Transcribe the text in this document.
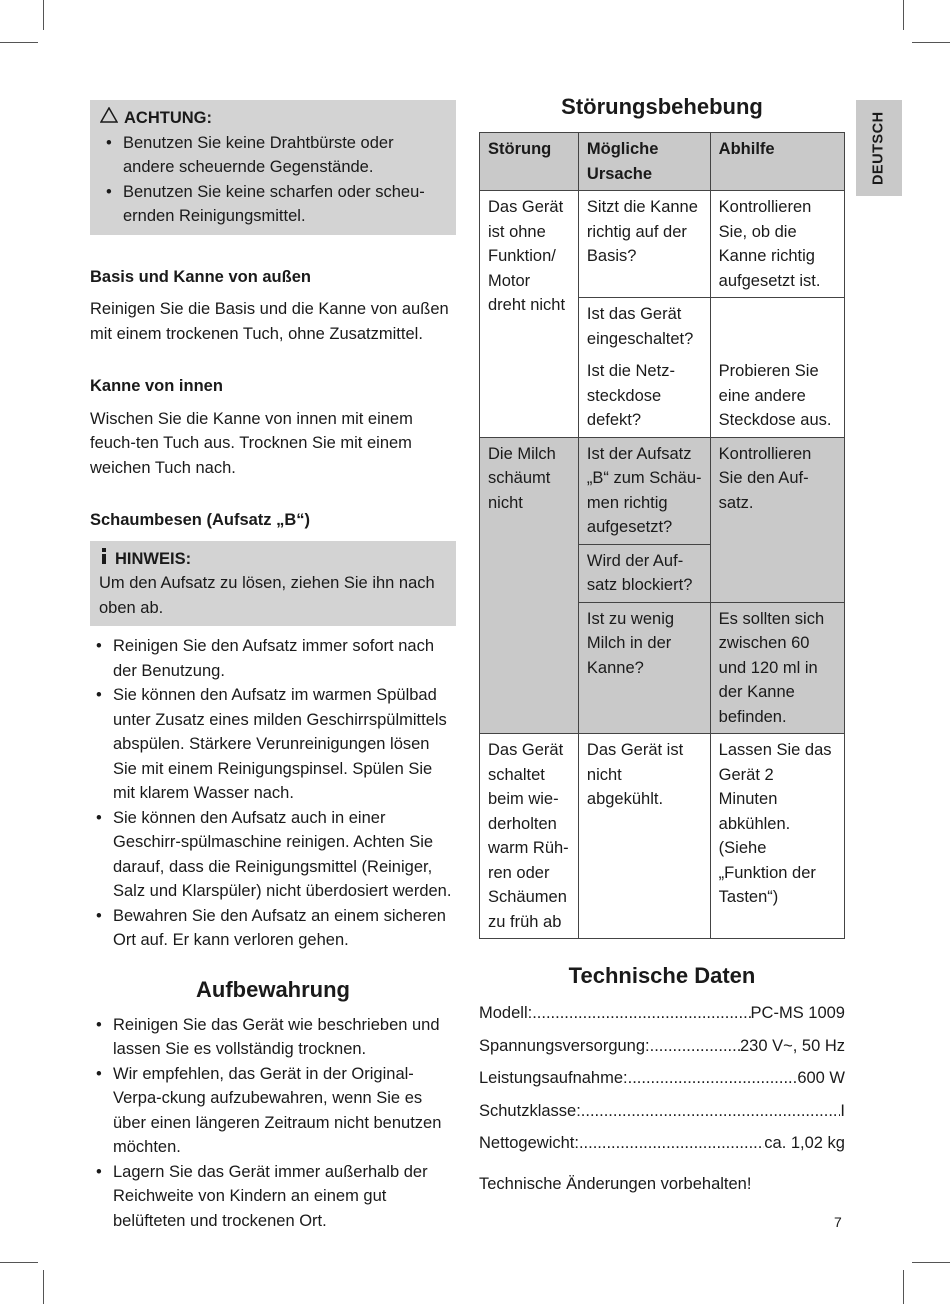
DEUTSCH
ACHTUNG:
• Benutzen Sie keine Drahtbürste oder andere scheuernde Gegenstände.
• Benutzen Sie keine scharfen oder scheu-ernden Reinigungsmittel.
Basis und Kanne von außen

Reinigen Sie die Basis und die Kanne von außen mit einem trockenen Tuch, ohne Zusatzmittel.

Kanne von innen

Wischen Sie die Kanne von innen mit einem feuch-ten Tuch aus. Trocknen Sie mit einem weichen Tuch nach.

Schaumbesen (Aufsatz „B“)
HINWEIS:

Um den Aufsatz zu lösen, ziehen Sie ihn nach oben ab.

• Reinigen Sie den Aufsatz immer sofort nach der Benutzung.
• Sie können den Aufsatz im warmen Spülbad unter Zusatz eines milden Geschirrspülmittels abspülen. Stärkere Verunreinigungen lösen Sie mit einem Reinigungspinsel. Spülen Sie mit klarem Wasser nach.
• Sie können den Aufsatz auch in einer Geschirr-spülmaschine reinigen. Achten Sie darauf, dass die Reinigungsmittel (Reiniger, Salz und Klarspüler) nicht überdosiert werden.
• Bewahren Sie den Aufsatz an einem sicheren Ort auf. Er kann verloren gehen.
Aufbewahrung
• Reinigen Sie das Gerät wie beschrieben und lassen Sie es vollständig trocknen.
• Wir empfehlen, das Gerät in der Original-Verpa-ckung aufzubewahren, wenn Sie es über einen längeren Zeitraum nicht benutzen möchten.
• Lagern Sie das Gerät immer außerhalb der Reichweite von Kindern an einem gut belüfteten und trockenen Ort.
Störungsbehebung
Störung	Mögliche Ursache	Abhilfe
Das Gerät ist ohne Funktion/ Motor dreht nicht	Sitzt die Kanne richtig auf der Basis?	Kontrollieren Sie, ob die Kanne richtig aufgesetzt ist.
	Ist das Gerät eingeschaltet?	
	Ist die Netz-steckdose defekt?	Probieren Sie eine andere Steckdose aus.
Die Milch schäumt nicht	Ist der Aufsatz „B“ zum Schäu-men richtig aufgesetzt?	Kontrollieren Sie den Auf-satz.
	Wird der Auf-satz blockiert?	
	Ist zu wenig Milch in der Kanne?	Es sollten sich zwischen 60 und 120 ml in der Kanne befinden.
Das Gerät schaltet beim wie-derholten warm Rüh-ren oder Schäumen zu früh ab	Das Gerät ist nicht abgekühlt.	Lassen Sie das Gerät 2 Minuten abkühlen. (Siehe „Funktion der Tasten“)
Technische Daten
Modell: .....	PC-MS 1009
Spannungsversorgung: .....	230 V~, 50 Hz
Leistungsaufnahme: .....	600 W
Schutzklasse: .....	I
Nettogewicht: .....	ca. 1,02 kg

Technische Änderungen vorbehalten!

7
